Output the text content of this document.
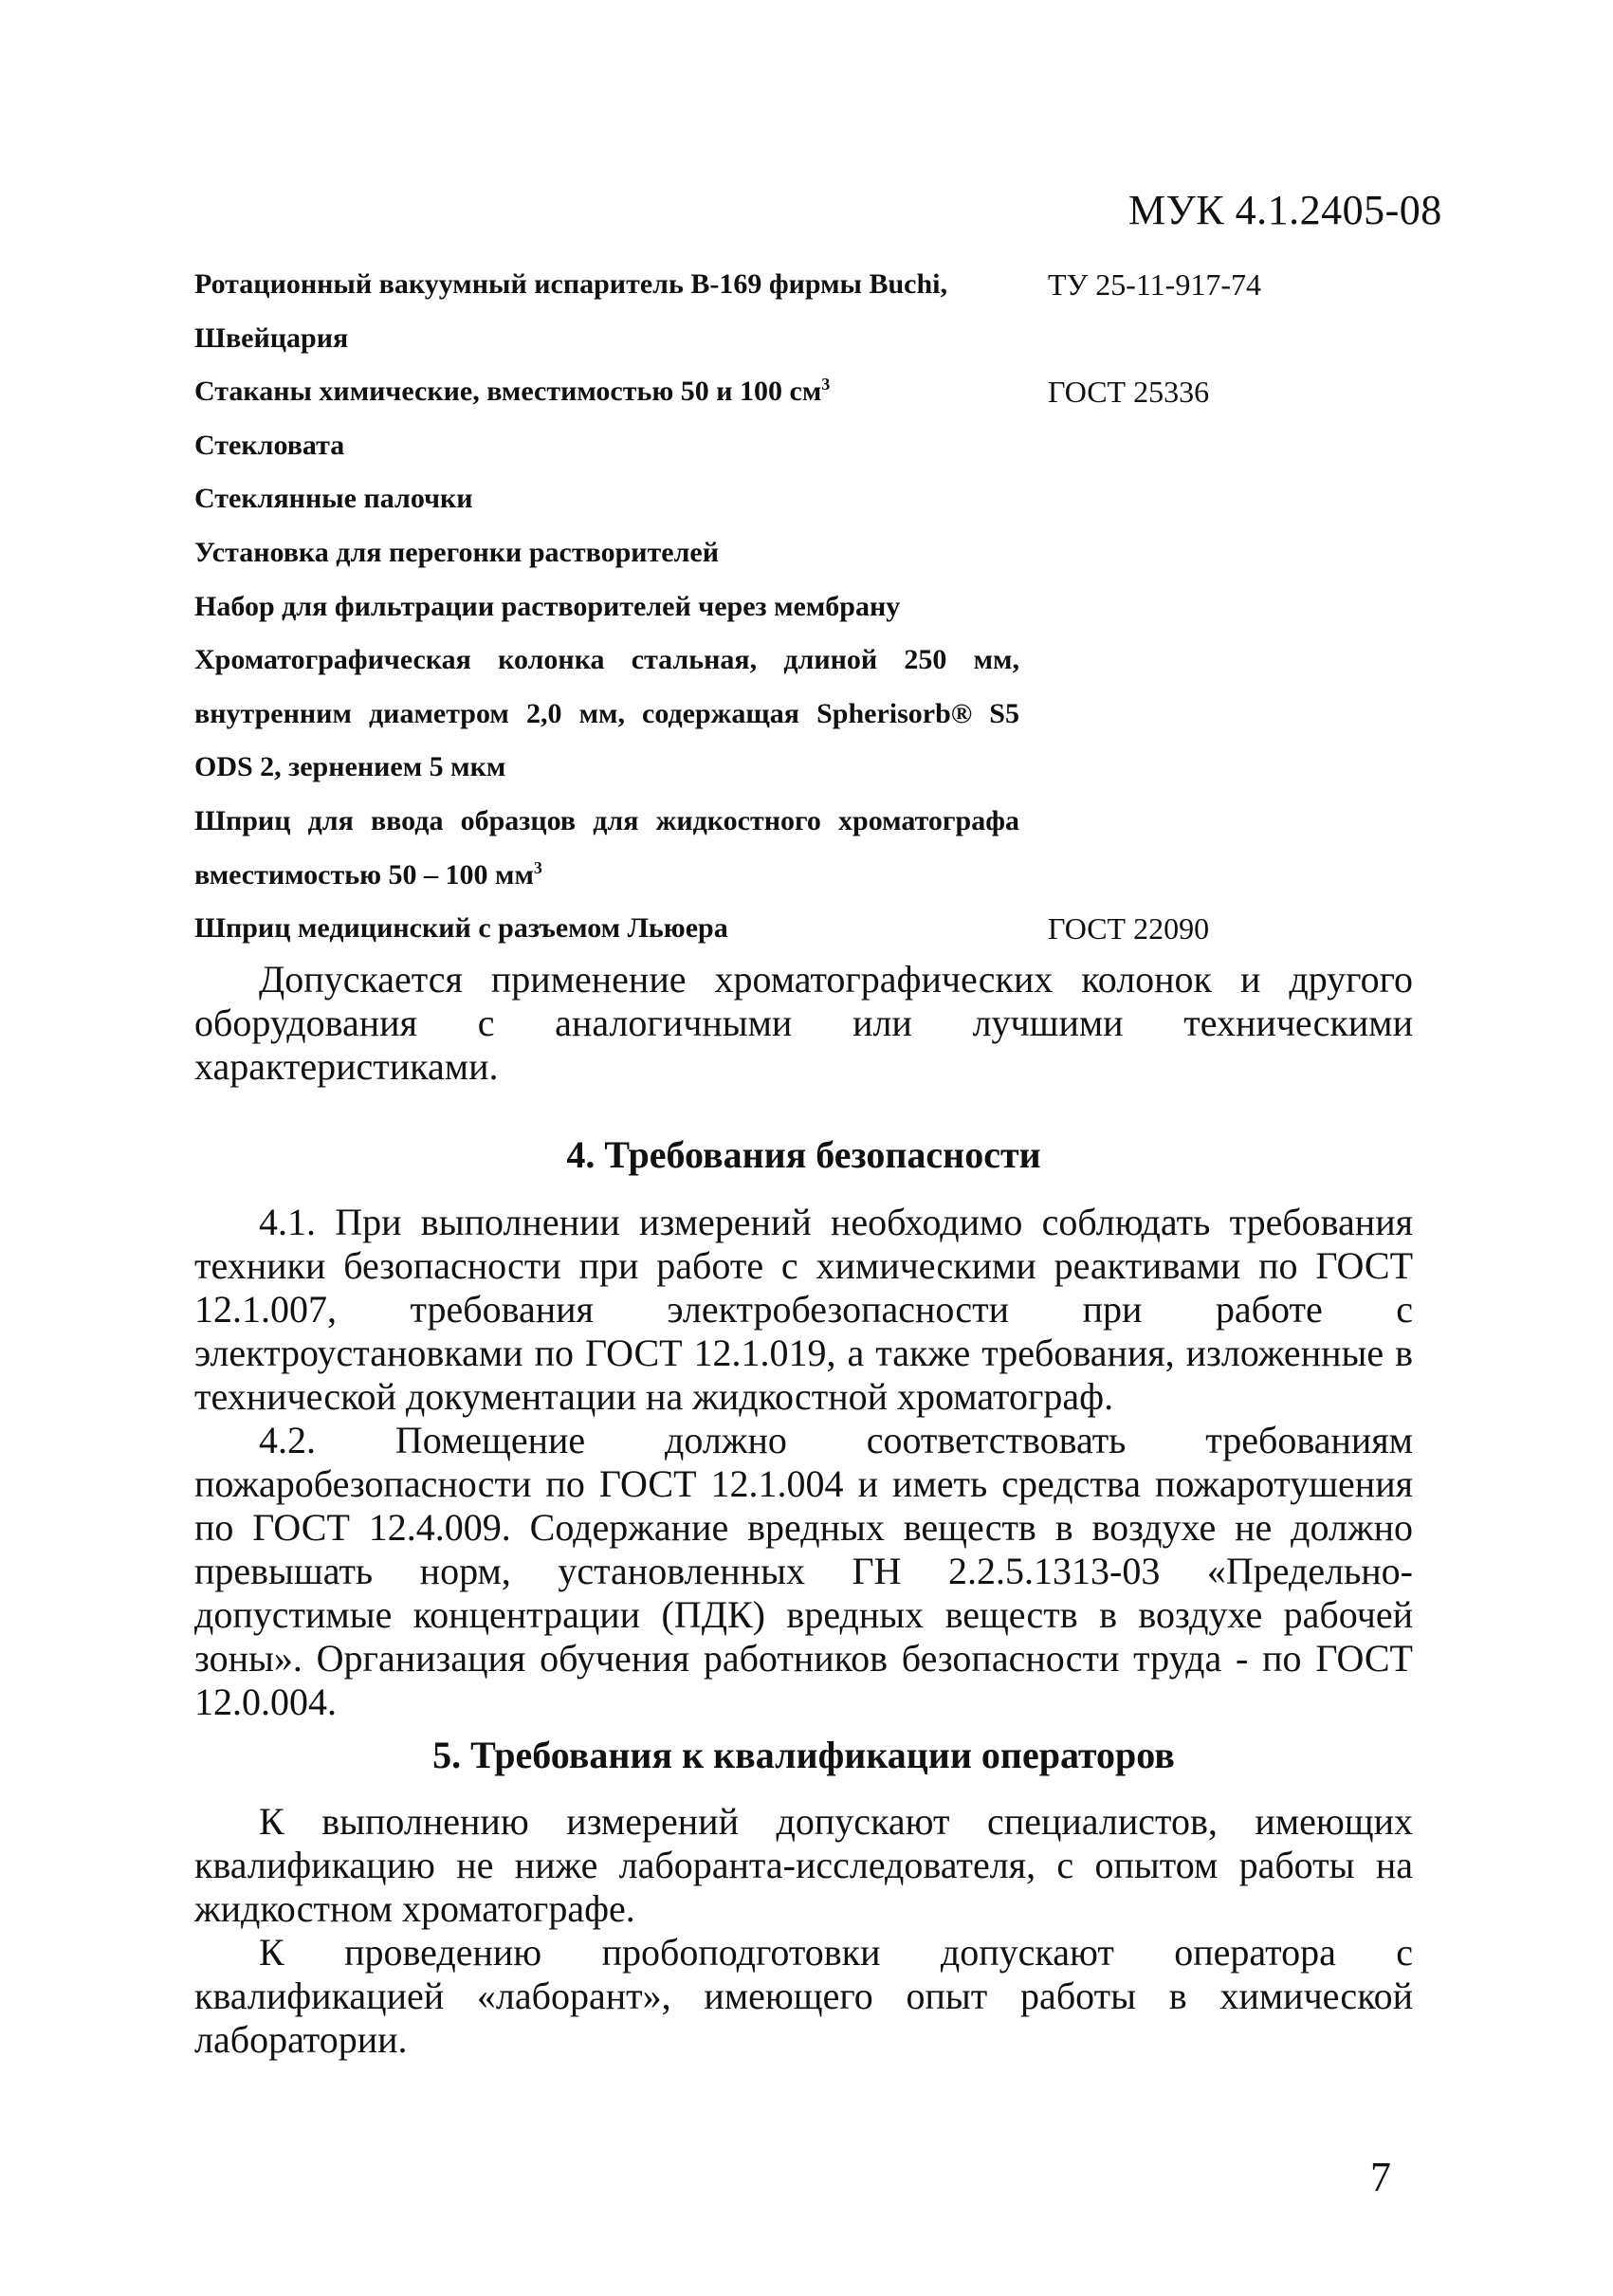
МУК 4.1.2405-08
Ротационный вакуумный испаритель В-169 фирмы Buchi,	ТУ 25-11-917-74
Швейцария
Стаканы химические, вместимостью 50 и 100 $см^3$	ГОСТ 25336
Стекловата
Стеклянные палочки
Установка для перегонки растворителей
Набор для фильтрации растворителей через мембрану
Хроматографическая колонка стальная, длиной 250 мм,
внутренним диаметром 2,0 мм, содержащая Spherisorb® S5
ODS 2, зернением 5 мкм
Шприц для ввода образцов для жидкостного хроматографа
вместимостью 50 – 100 $мм^3$
Шприц медицинский с разъемом Льюера	ГОСТ 22090

Допускается применение хроматографических колонок и другого оборудования с аналогичными или лучшими техническими характеристиками.

4. Требования безопасности

4.1. При выполнении измерений необходимо соблюдать требования техники безопасности при работе с химическими реактивами по ГОСТ 12.1.007, требования электробезопасности при работе с электроустановками по ГОСТ 12.1.019, а также требования, изложенные в технической документации на жидкостной хроматограф.

4.2. Помещение должно соответствовать требованиям пожаробезопасности по ГОСТ 12.1.004 и иметь средства пожаротушения по ГОСТ 12.4.009. Содержание вредных веществ в воздухе не должно превышать норм, установленных ГН 2.2.5.1313-03 «Предельно-допустимые концентрации (ПДК) вредных веществ в воздухе рабочей зоны». Организация обучения работников безопасности труда - по ГОСТ 12.0.004.

5. Требования к квалификации операторов

К выполнению измерений допускают специалистов, имеющих квалификацию не ниже лаборанта-исследователя, с опытом работы на жидкостном хроматографе.

К проведению пробоподготовки допускают оператора с квалификацией «лаборант», имеющего опыт работы в химической лаборатории.

7
